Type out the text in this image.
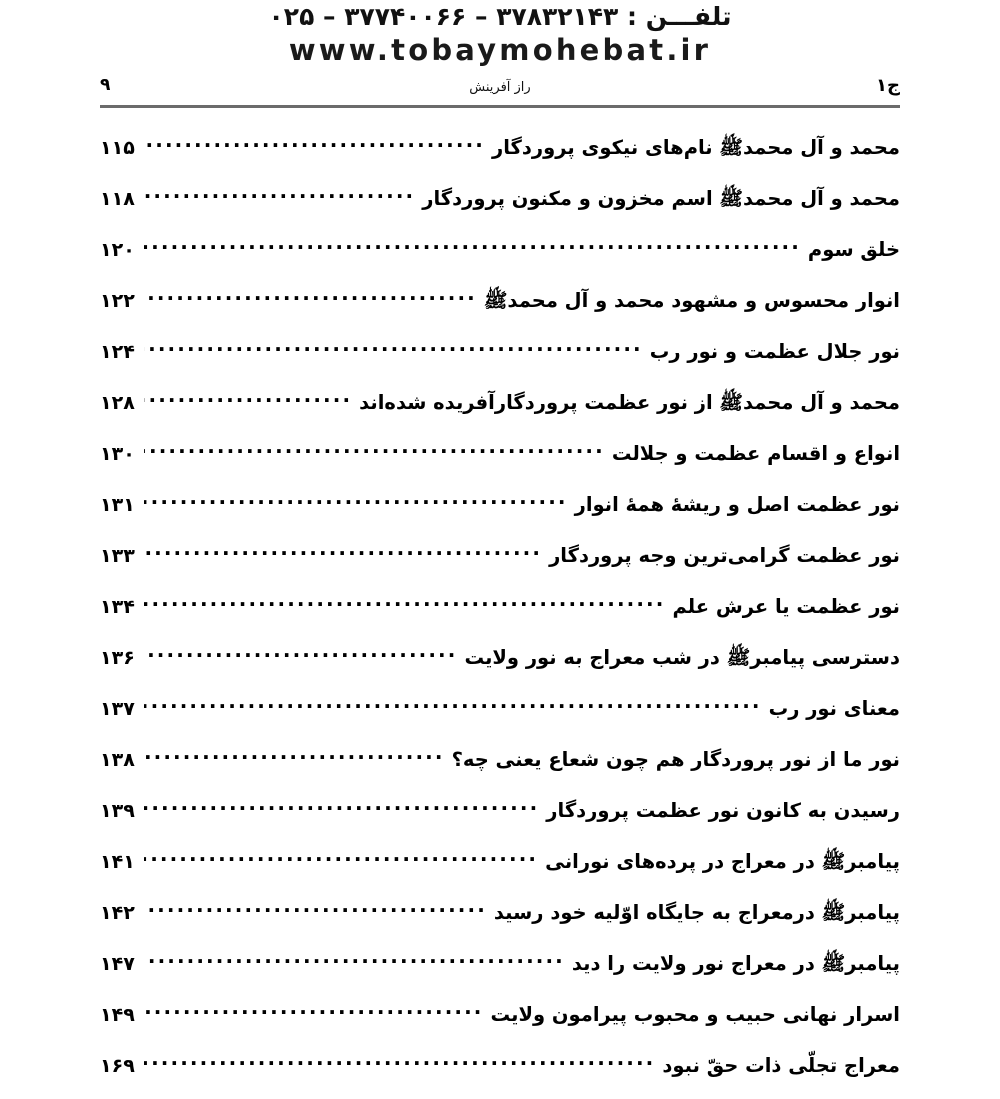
تلفـــن : ۳۷۸۳۲۱۴۳ – ۳۷۷۴۰۰۶۶ – ۰۲۵
www.tobaymohebat.ir
۹	راز آفرینش	ج۱
محمد و آل محمدﷺ نام‌های نیکوی پروردگار
.....
۱۱۵
محمد و آل محمدﷺ اسم مخزون و مکنون پروردگار
.....
۱۱۸
خلق سوم
.....
۱۲۰
انوار محسوس و مشهود محمد و آل محمدﷺ
.....
۱۲۲
نور جلال عظمت و نور رب
.....
۱۲۴
محمد و آل محمدﷺ از نور عظمت پروردگارآفریده شده‌اند
.....
۱۲۸
انواع و اقسام عظمت و جلالت
.....
۱۳۰
نور عظمت اصل و ریشهٔ همهٔ انوار
.....
۱۳۱
نور عظمت گرامی‌ترین وجه پروردگار
.....
۱۳۳
نور عظمت یا عرش علم
.....
۱۳۴
دسترسی پیامبرﷺ در شب معراج به نور ولایت
.....
۱۳۶
معنای نور رب
.....
۱۳۷
نور ما از نور پروردگار هم چون شعاع یعنی چه؟
.....
۱۳۸
رسیدن به کانون نور عظمت پروردگار
.....
۱۳۹
پیامبرﷺ در معراج در پرده‌های نورانی
.....
۱۴۱
پیامبرﷺ درمعراج به جایگاه اوّلیه خود رسید
.....
۱۴۲
پیامبرﷺ در معراج نور ولایت را دید
.....
۱۴۷
اسرار نهانی حبیب و محبوب پیرامون ولایت
.....
۱۴۹
معراج تجلّی ذات حقّ نبود
.....
۱۶۹
